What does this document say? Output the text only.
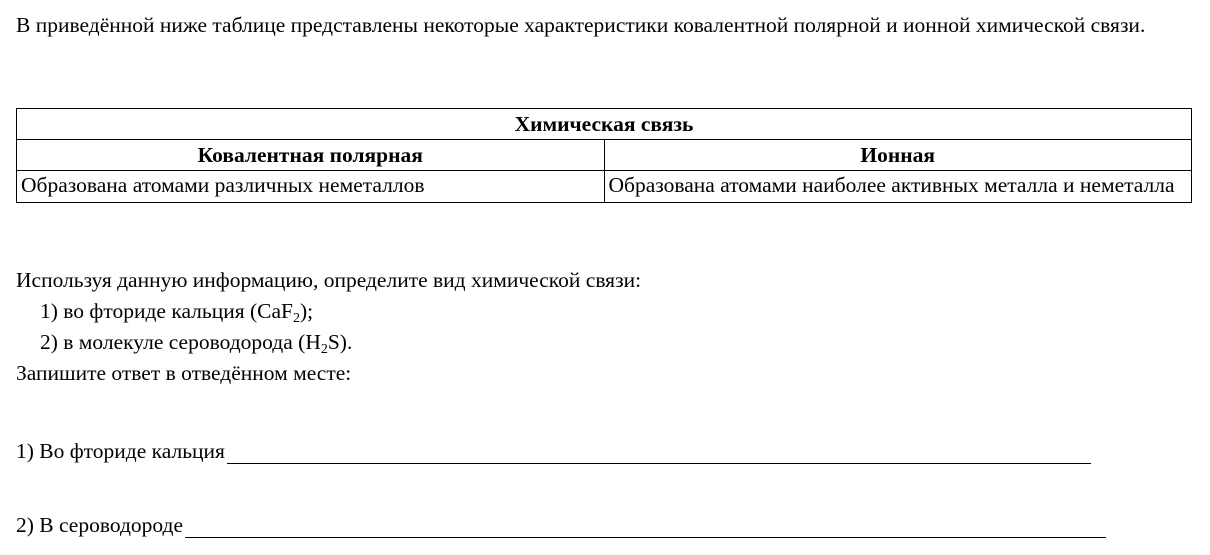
В приведённой ниже таблице представлены некоторые характеристики ковалентной полярной и ионной химической связи.
Химическая связь	
Ковалентная полярная	Ионная
Образована атомами различных неметаллов	Образована атомами наиболее активных металла и неметалла
Используя данную информацию, определите вид химической связи:
1) во фториде кальция (CaF$_2$);
2) в молекуле сероводорода $(H_2S)$.
Запишите ответ в отведённом месте:
1) Во фториде кальция
2) В сероводороде
